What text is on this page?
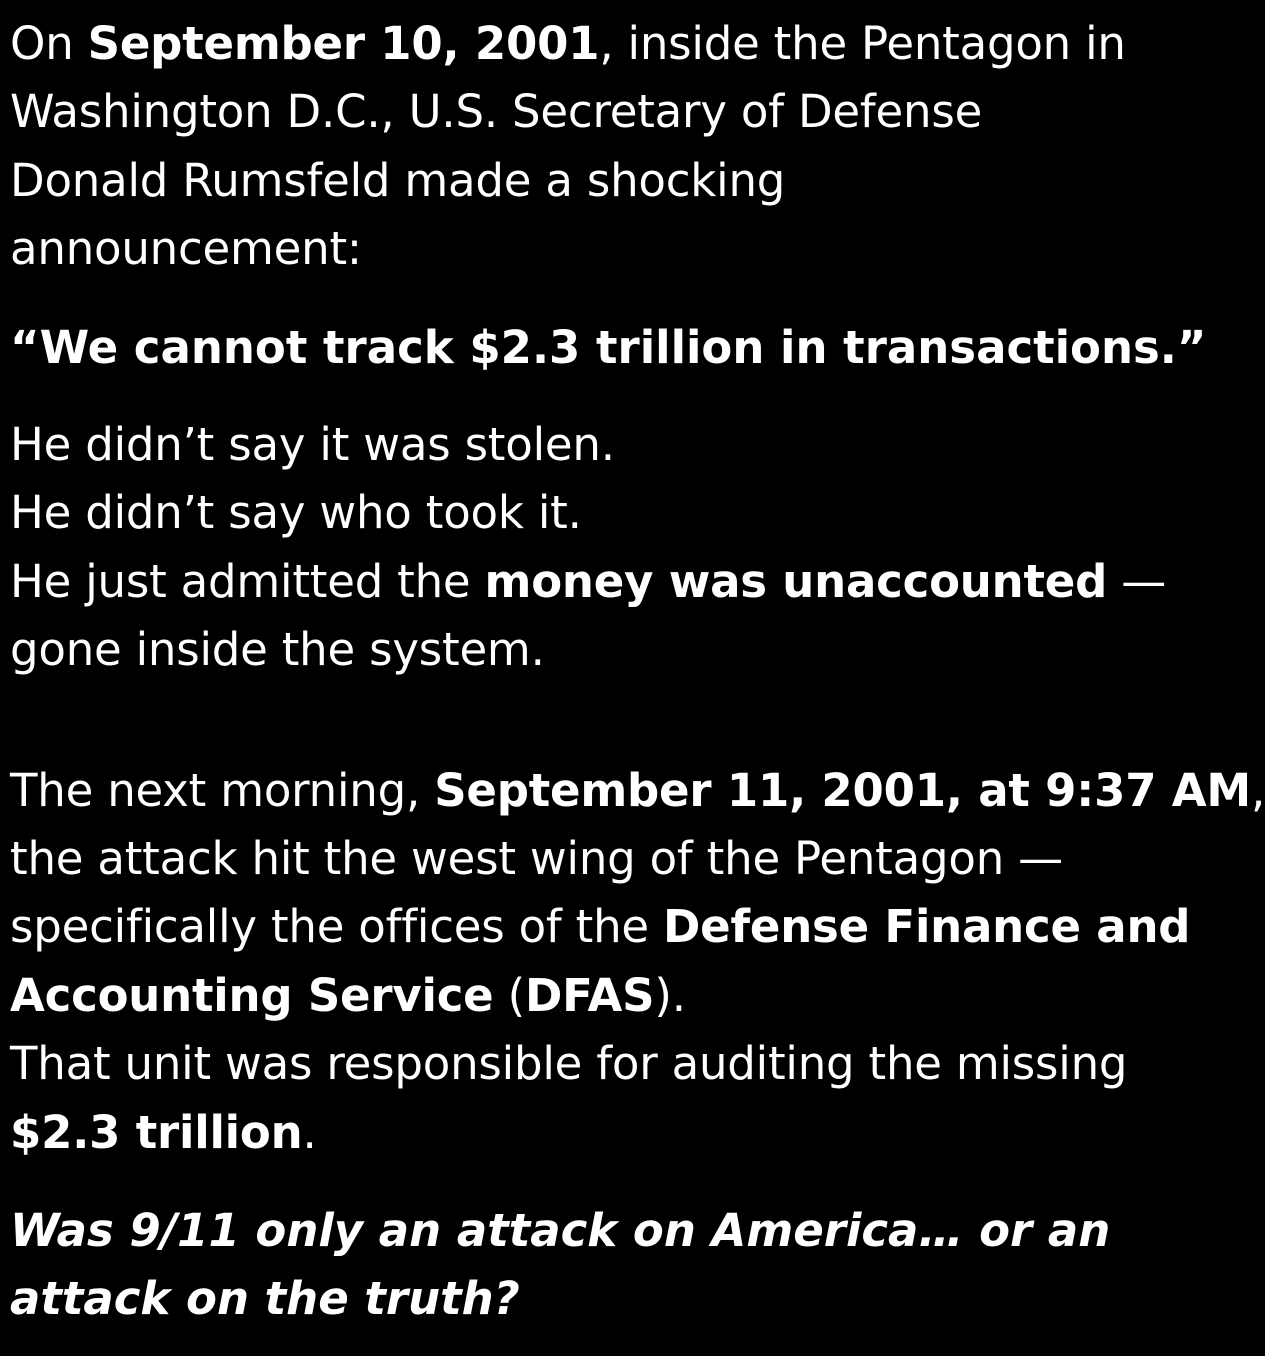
On September 10, 2001, inside the Pentagon in
Washington D.C., U.S. Secretary of Defense
Donald Rumsfeld made a shocking
announcement:

“We cannot track $2.3 trillion in transactions.”

He didn’t say it was stolen.
He didn’t say who took it.
He just admitted the money was unaccounted —
gone inside the system.

The next morning, September 11, 2001, at 9:37 AM,
the attack hit the west wing of the Pentagon —
specifically the offices of the Defense Finance and
Accounting Service (DFAS).
That unit was responsible for auditing the missing
$2.3 trillion.

Was 9/11 only an attack on America… or an
attack on the truth?
